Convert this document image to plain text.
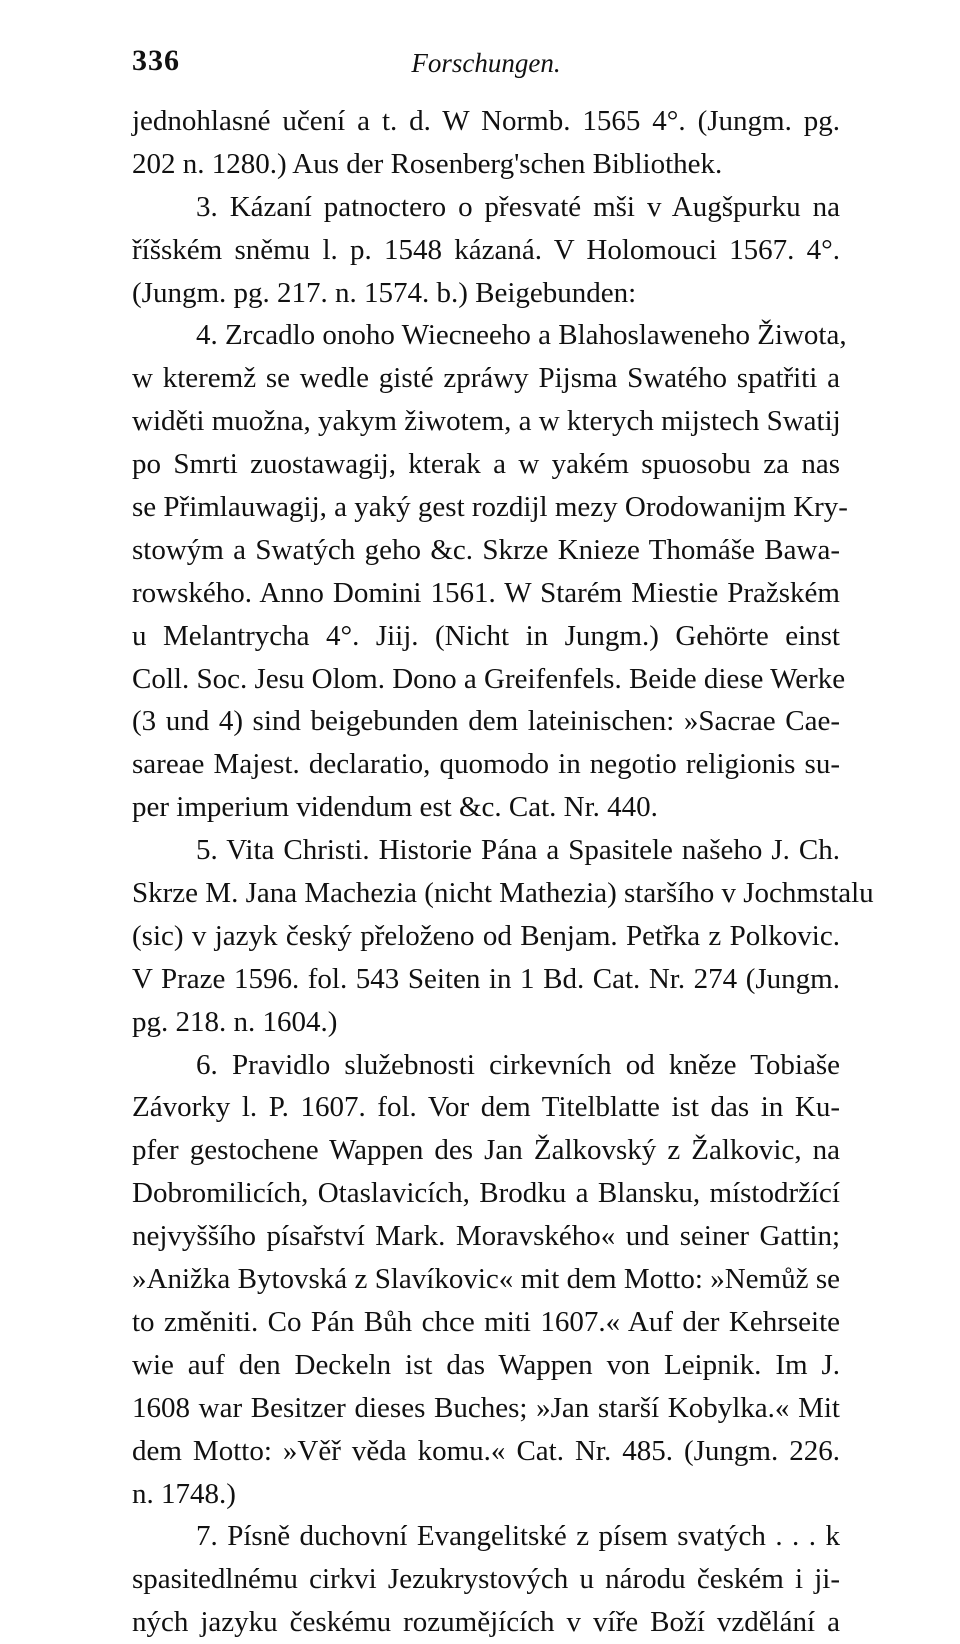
336	Forschungen.
jednohlasné učení a t. d. W Normb. 1565 4°. (Jungm. pg.
202 n. 1280.) Aus der Rosenberg'schen Bibliothek.
3. Kázaní patnoctero o přesvaté mši v Augšpurku na
říšském sněmu l. p. 1548 kázaná. V Holomouci 1567. 4°.
(Jungm. pg. 217. n. 1574. b.) Beigebunden:
4. Zrcadlo onoho Wiecneeho a Blahoslaweneho Žiwota,
w kteremž se wedle gisté zpráwy Pijsma Swatého spatřiti a
widěti muožna, yakym žiwotem, a w kterych mijstech Swatij
po Smrti zuostawagij, kterak a w yakém spuosobu za nas
se Přimlauwagij, a yaký gest rozdijl mezy Orodowanijm Kry-
stowým a Swatých geho &c. Skrze Knieze Thomáše Bawa-
rowského. Anno Domini 1561. W Starém Miestie Pražském
u Melantrycha 4°. Jiij. (Nicht in Jungm.) Gehörte einst
Coll. Soc. Jesu Olom. Dono a Greifenfels. Beide diese Werke
(3 und 4) sind beigebunden dem lateinischen: »Sacrae Cae-
sareae Majest. declaratio, quomodo in negotio religionis su-
per imperium videndum est &c. Cat. Nr. 440.
5. Vita Christi. Historie Pána a Spasitele našeho J. Ch.
Skrze M. Jana Machezia (nicht Mathezia) staršího v Jochmstalu
(sic) v jazyk český přeloženo od Benjam. Petřka z Polkovic.
V Praze 1596. fol. 543 Seiten in 1 Bd. Cat. Nr. 274 (Jungm.
pg. 218. n. 1604.)
6. Pravidlo služebnosti cirkevních od kněze Tobiaše
Závorky l. P. 1607. fol. Vor dem Titelblatte ist das in Ku-
pfer gestochene Wappen des Jan Žalkovský z Žalkovic, na
Dobromilicích, Otaslavicích, Brodku a Blansku, místodržící
nejvyššího písařství Mark. Moravského« und seiner Gattin;
»Anižka Bytovská z Slavíkovic« mit dem Motto: »Nemůž se
to změniti. Co Pán Bůh chce miti 1607.« Auf der Kehrseite
wie auf den Deckeln ist das Wappen von Leipnik. Im J.
1608 war Besitzer dieses Buches; »Jan starší Kobylka.« Mit
dem Motto: »Věř věda komu.« Cat. Nr. 485. (Jungm. 226.
n. 1748.)
7. Písně duchovní Evangelitské z písem svatých . . . k
spasitedlnému cirkvi Jezukrystových u národu českém i ji-
ných jazyku českému rozumějících v víře Boží vzdělání a
